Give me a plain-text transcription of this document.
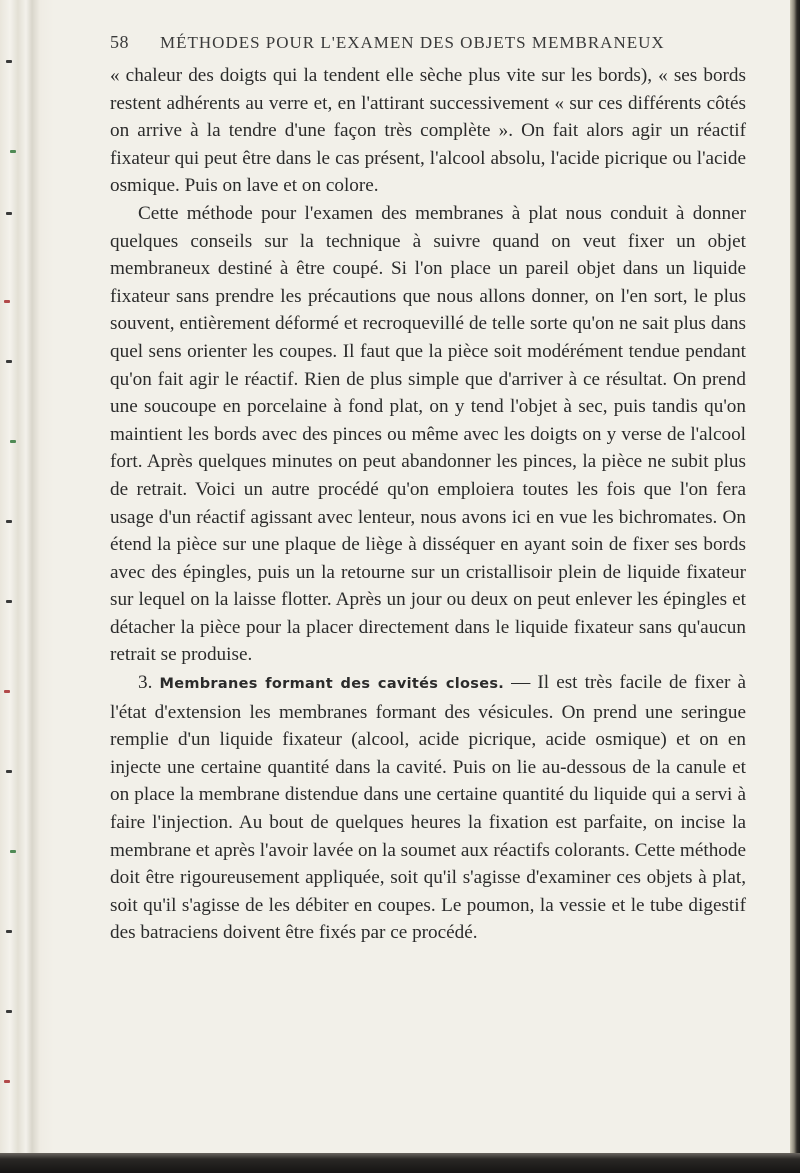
58	MÉTHODES POUR L'EXAMEN DES OBJETS MEMBRANEUX

« chaleur des doigts qui la tendent elle sèche plus vite sur les bords), « ses bords restent adhérents au verre et, en l'attirant successivement « sur ces différents côtés on arrive à la tendre d'une façon très complète ». On fait alors agir un réactif fixateur qui peut être dans le cas présent, l'alcool absolu, l'acide picrique ou l'acide osmique. Puis on lave et on colore.

Cette méthode pour l'examen des membranes à plat nous conduit à donner quelques conseils sur la technique à suivre quand on veut fixer un objet membraneux destiné à être coupé. Si l'on place un pareil objet dans un liquide fixateur sans prendre les précautions que nous allons donner, on l'en sort, le plus souvent, entièrement déformé et recroquevillé de telle sorte qu'on ne sait plus dans quel sens orienter les coupes. Il faut que la pièce soit modérément tendue pendant qu'on fait agir le réactif. Rien de plus simple que d'arriver à ce résultat. On prend une soucoupe en porcelaine à fond plat, on y tend l'objet à sec, puis tandis qu'on maintient les bords avec des pinces ou même avec les doigts on y verse de l'alcool fort. Après quelques minutes on peut abandonner les pinces, la pièce ne subit plus de retrait. Voici un autre procédé qu'on emploiera toutes les fois que l'on fera usage d'un réactif agissant avec lenteur, nous avons ici en vue les bichromates. On étend la pièce sur une plaque de liège à disséquer en ayant soin de fixer ses bords avec des épingles, puis un la retourne sur un cristallisoir plein de liquide fixateur sur lequel on la laisse flotter. Après un jour ou deux on peut enlever les épingles et détacher la pièce pour la placer directement dans le liquide fixateur sans qu'aucun retrait se produise.

3. Membranes formant des cavités closes. — Il est très facile de fixer à l'état d'extension les membranes formant des vésicules. On prend une seringue remplie d'un liquide fixateur (alcool, acide picrique, acide osmique) et on en injecte une certaine quantité dans la cavité. Puis on lie au-dessous de la canule et on place la membrane distendue dans une certaine quantité du liquide qui a servi à faire l'injection. Au bout de quelques heures la fixation est parfaite, on incise la membrane et après l'avoir lavée on la soumet aux réactifs colorants. Cette méthode doit être rigoureusement appliquée, soit qu'il s'agisse d'examiner ces objets à plat, soit qu'il s'agisse de les débiter en coupes. Le poumon, la vessie et le tube digestif des batraciens doivent être fixés par ce procédé.
